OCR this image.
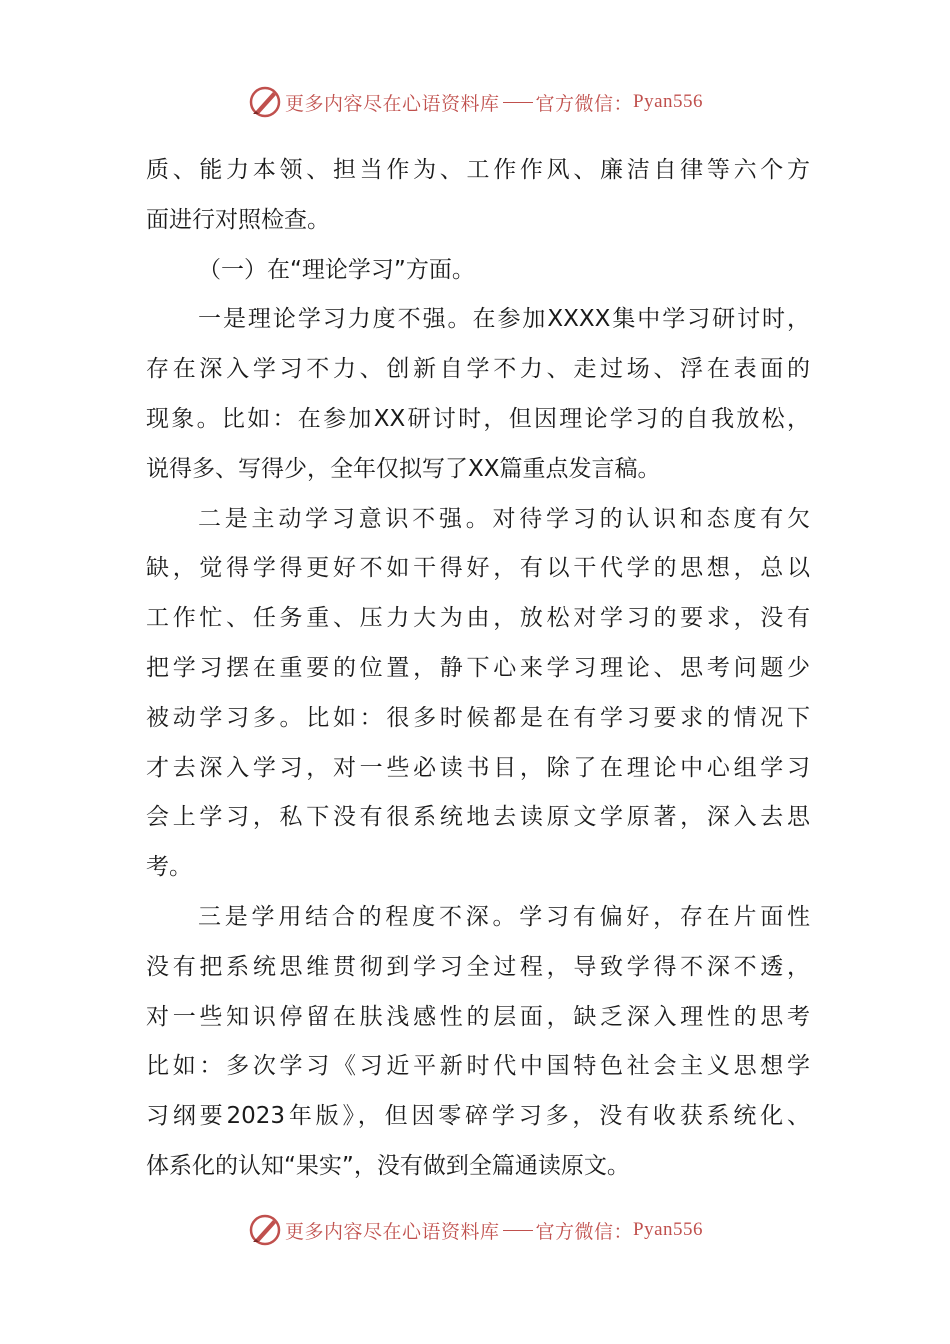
更多内容尽在心语资料库 官方微信： Pyan556
质、能力本领、担当作为、工作作风、廉洁自律等六个方
面进行对照检查。
（一）在“理论学习”方面。
一是理论学习力度不强。在参加XXXX集中学习研讨时，
存在深入学习不力、创新自学不力、走过场、浮在表面的
现象。比如：在参加XX研讨时，但因理论学习的自我放松，
说得多、写得少，全年仅拟写了XX篇重点发言稿。
二是主动学习意识不强。对待学习的认识和态度有欠
缺，觉得学得更好不如干得好，有以干代学的思想，总以
工作忙、任务重、压力大为由，放松对学习的要求，没有
把学习摆在重要的位置，静下心来学习理论、思考问题少
被动学习多。比如：很多时候都是在有学习要求的情况下
才去深入学习，对一些必读书目，除了在理论中心组学习
会上学习，私下没有很系统地去读原文学原著，深入去思
考。
三是学用结合的程度不深。学习有偏好，存在片面性
没有把系统思维贯彻到学习全过程，导致学得不深不透，
对一些知识停留在肤浅感性的层面，缺乏深入理性的思考
比如：多次学习《习近平新时代中国特色社会主义思想学
习纲要2023年版》，但因零碎学习多，没有收获系统化、
体系化的认知“果实”，没有做到全篇通读原文。
更多内容尽在心语资料库 官方微信： Pyan556
